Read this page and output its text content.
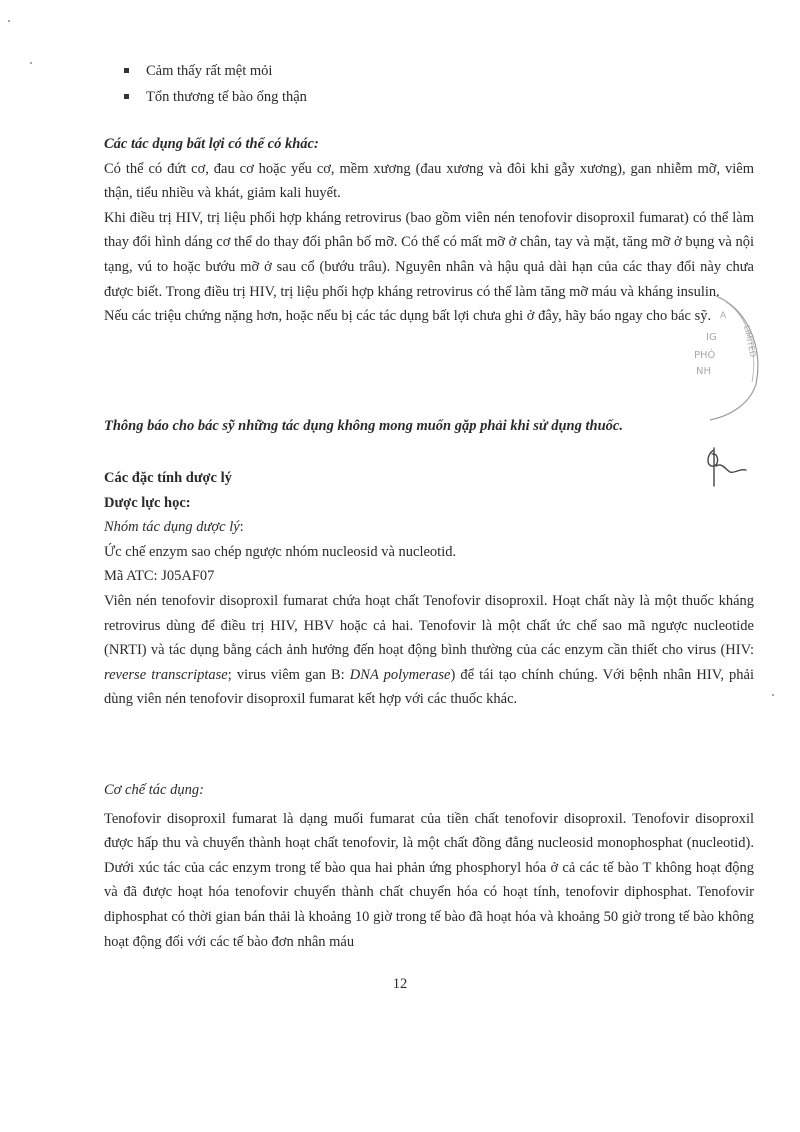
Cảm thấy rất mệt mỏi
Tổn thương tế bào ống thận

Các tác dụng bất lợi có thể có khác:

Có thể có đứt cơ, đau cơ hoặc yếu cơ, mềm xương (đau xương và đôi khi gẫy xương), gan nhiễm mỡ, viêm thận, tiểu nhiều và khát, giảm kali huyết.

Khi điều trị HIV, trị liệu phối hợp kháng retrovirus (bao gồm viên nén tenofovir disoproxil fumarat) có thể làm thay đổi hình dáng cơ thể do thay đổi phân bố mỡ. Có thể có mất mỡ ở chân, tay và mặt, tăng mỡ ở bụng và nội tạng, vú to hoặc bướu mỡ ở sau cổ (bướu trâu). Nguyên nhân và hậu quả dài hạn của các thay đổi này chưa được biết. Trong điều trị HIV, trị liệu phối hợp kháng retrovirus có thể làm tăng mỡ máu và kháng insulin.

Nếu các triệu chứng nặng hơn, hoặc nếu bị các tác dụng bất lợi chưa ghi ở đây, hãy báo ngay cho bác sỹ.

Thông báo cho bác sỹ những tác dụng không mong muốn gặp phải khi sử dụng thuốc.

Các đặc tính dược lý

Dược lực học:

Nhóm tác dụng dược lý:

Ức chế enzym sao chép ngược nhóm nucleosid và nucleotid.

Mã ATC: J05AF07

Viên nén tenofovir disoproxil fumarat chứa hoạt chất Tenofovir disoproxil. Hoạt chất này là một thuốc kháng retrovirus dùng để điều trị HIV, HBV hoặc cả hai. Tenofovir là một chất ức chế sao mã ngược nucleotide (NRTI) và tác dụng bằng cách ảnh hưởng đến hoạt động bình thường của các enzym cần thiết cho virus (HIV: reverse transcriptase; virus viêm gan B: DNA polymerase) để tái tạo chính chúng. Với bệnh nhân HIV, phải dùng viên nén tenofovir disoproxil fumarat kết hợp với các thuốc khác.

Cơ chế tác dụng:

Tenofovir disoproxil fumarat là dạng muối fumarat của tiền chất tenofovir disoproxil. Tenofovir disoproxil được hấp thu và chuyển thành hoạt chất tenofovir, là một chất đồng đẳng nucleosid monophosphat (nucleotid). Dưới xúc tác của các enzym trong tế bào qua hai phản ứng phosphoryl hóa ở cả các tế bào T không hoạt động và đã được hoạt hóa tenofovir chuyển thành chất chuyển hóa có hoạt tính, tenofovir diphosphat. Tenofovir diphosphat có thời gian bán thải là khoảng 10 giờ trong tế bào đã hoạt hóa và khoảng 50 giờ trong tế bào không hoạt động đối với các tế bào đơn nhân máu

12
A
IG
NH
PHÒ	LIMITED
